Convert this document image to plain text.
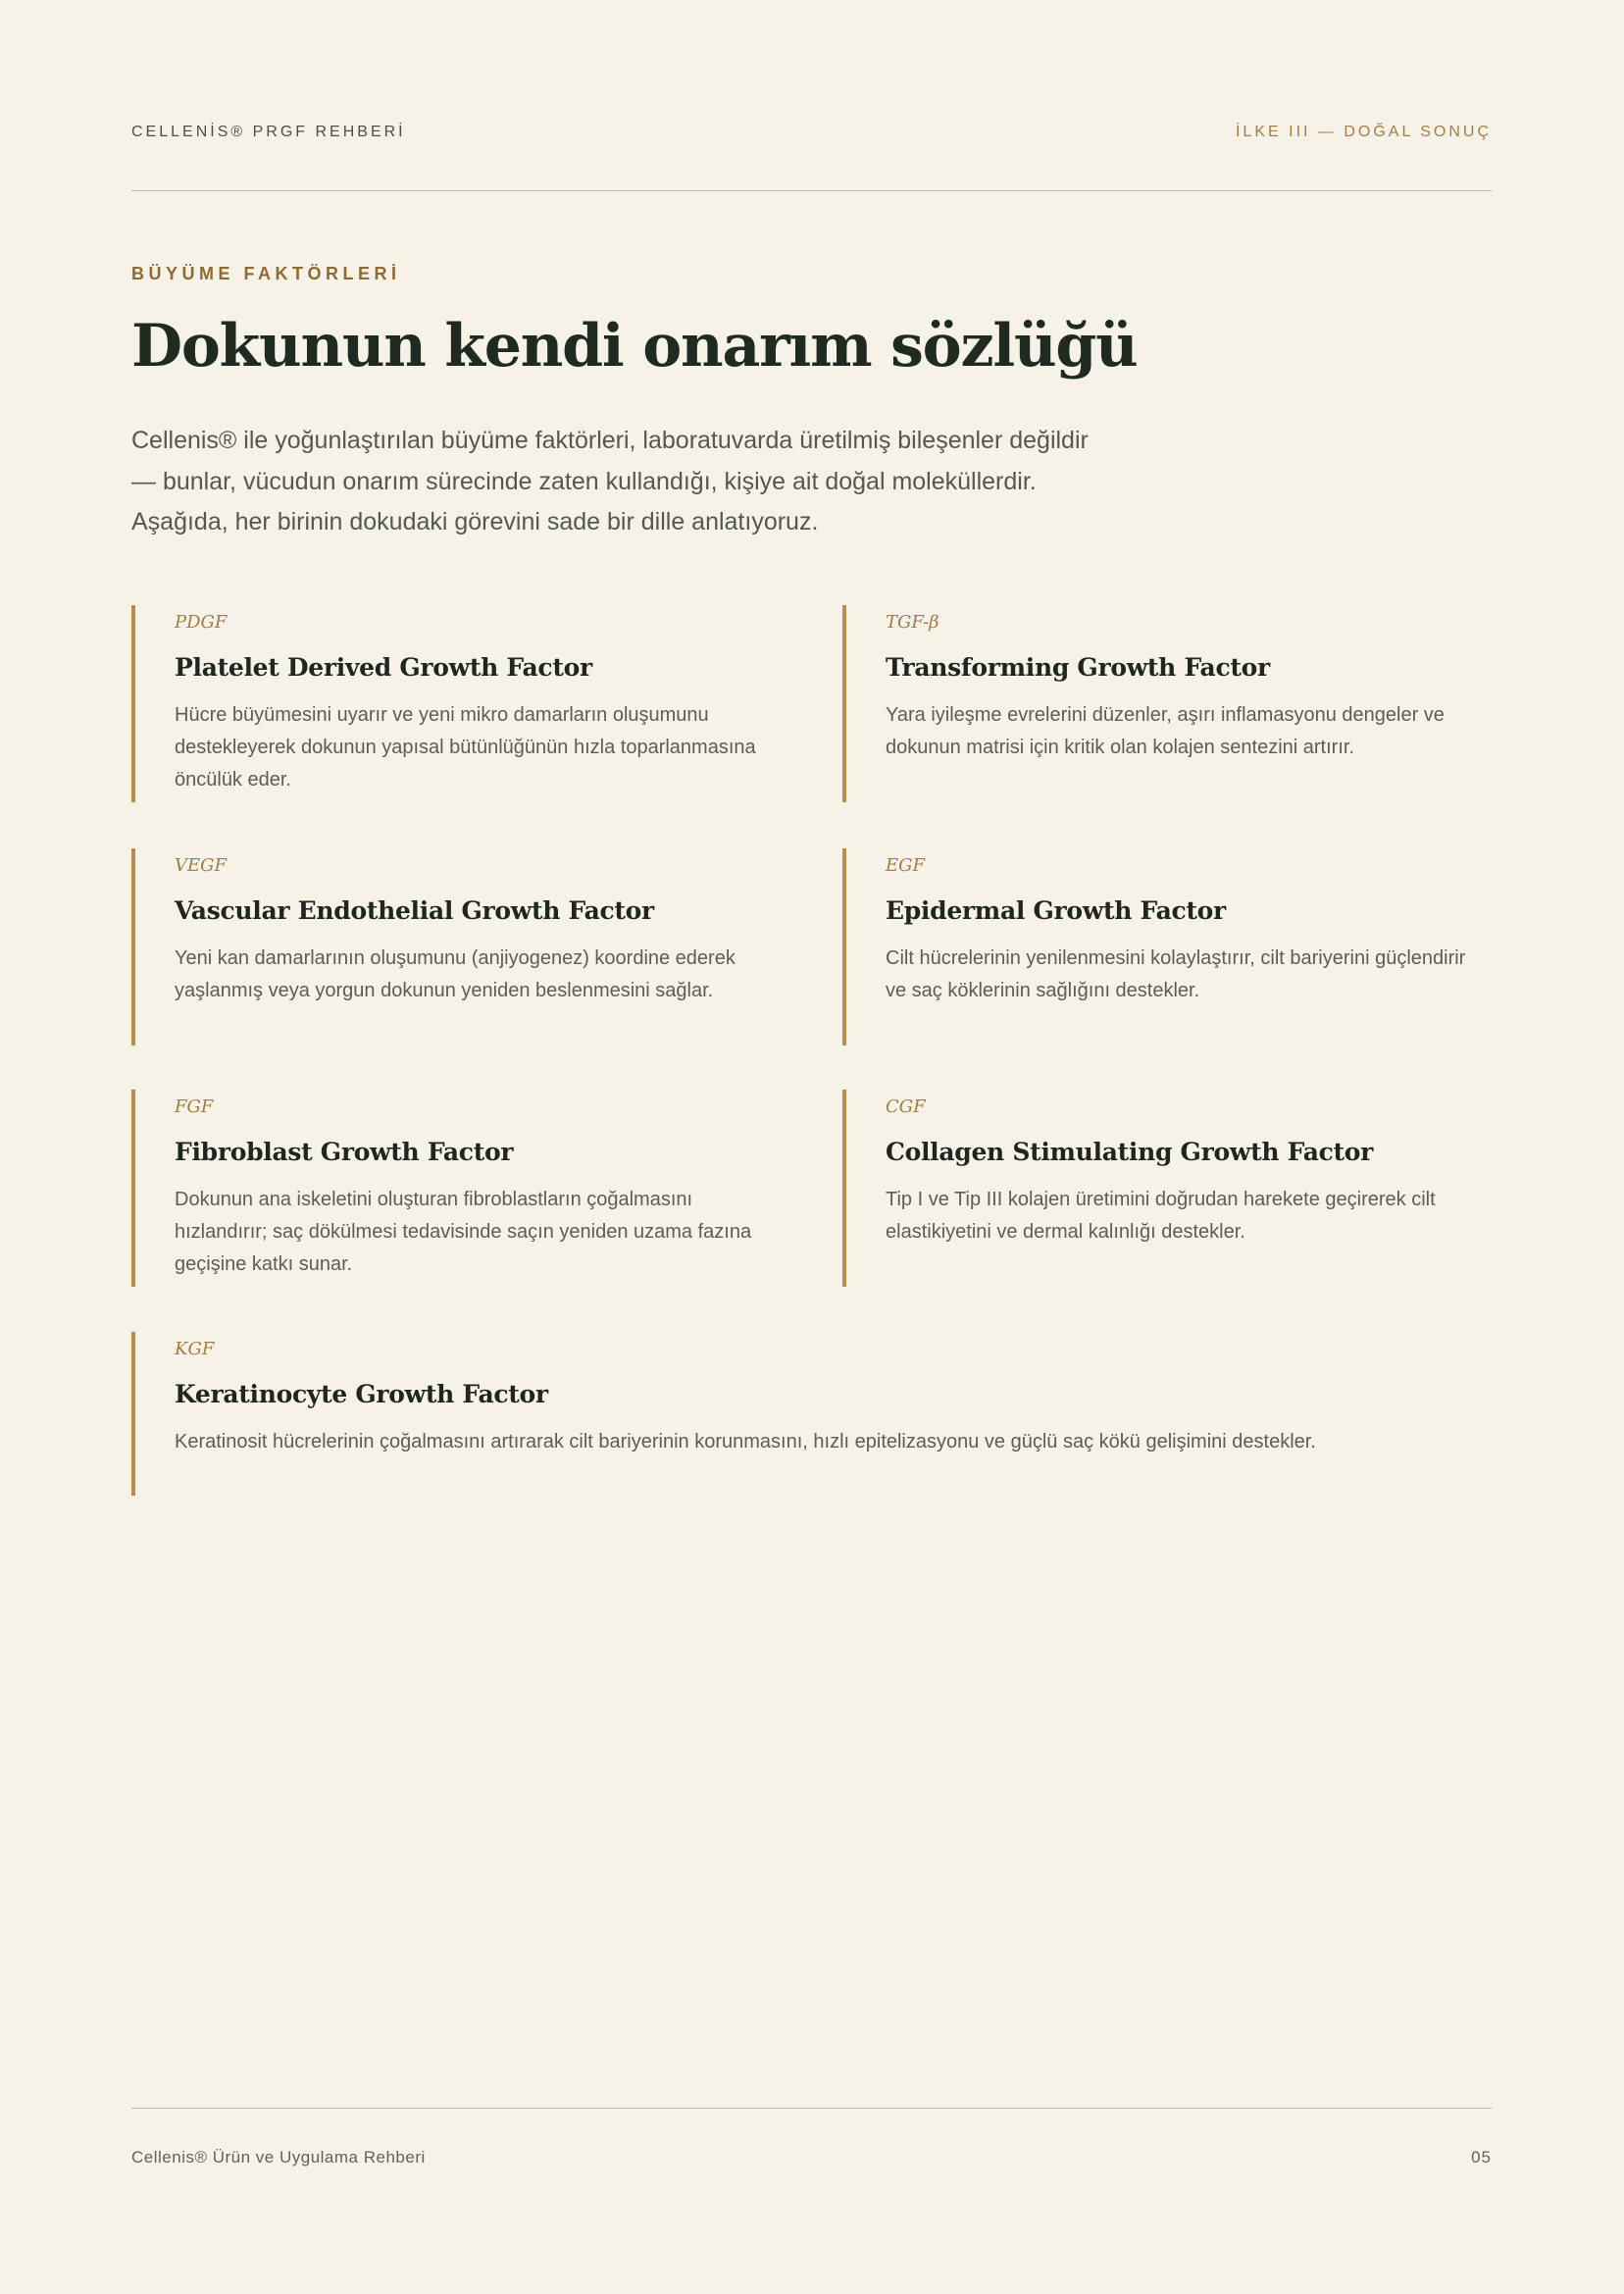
CELLENİS® PRGF REHBERİ	İLKE III — DOĞAL SONUÇ
BÜYÜME FAKTÖRLERİ
Dokunun kendi onarım sözlüğü

Cellenis® ile yoğunlaştırılan büyüme faktörleri, laboratuvarda üretilmiş bileşenler değildir — bunlar, vücudun onarım sürecinde zaten kullandığı, kişiye ait doğal moleküllerdir. Aşağıda, her birinin dokudaki görevini sade bir dille anlatıyoruz.

PDGF
Platelet Derived Growth Factor
Hücre büyümesini uyarır ve yeni mikro damarların oluşumunu destekleyerek dokunun yapısal bütünlüğünün hızla toparlanmasına öncülük eder.
TGF-β
Transforming Growth Factor
Yara iyileşme evrelerini düzenler, aşırı inflamasyonu dengeler ve dokunun matrisi için kritik olan kolajen sentezini artırır.
VEGF
Vascular Endothelial Growth Factor
Yeni kan damarlarının oluşumunu (anjiyogenez) koordine ederek yaşlanmış veya yorgun dokunun yeniden beslenmesini sağlar.
EGF
Epidermal Growth Factor
Cilt hücrelerinin yenilenmesini kolaylaştırır, cilt bariyerini güçlendirir ve saç köklerinin sağlığını destekler.
FGF
Fibroblast Growth Factor
Dokunun ana iskeletini oluşturan fibroblastların çoğalmasını hızlandırır; saç dökülmesi tedavisinde saçın yeniden uzama fazına geçişine katkı sunar.
CGF
Collagen Stimulating Growth Factor
Tip I ve Tip III kolajen üretimini doğrudan harekete geçirerek cilt elastikiyetini ve dermal kalınlığı destekler.
KGF
Keratinocyte Growth Factor
Keratinosit hücrelerinin çoğalmasını artırarak cilt bariyerinin korunmasını, hızlı epitelizasyonu ve güçlü saç kökü gelişimini destekler.
Cellenis® Ürün ve Uygulama Rehberi	05
